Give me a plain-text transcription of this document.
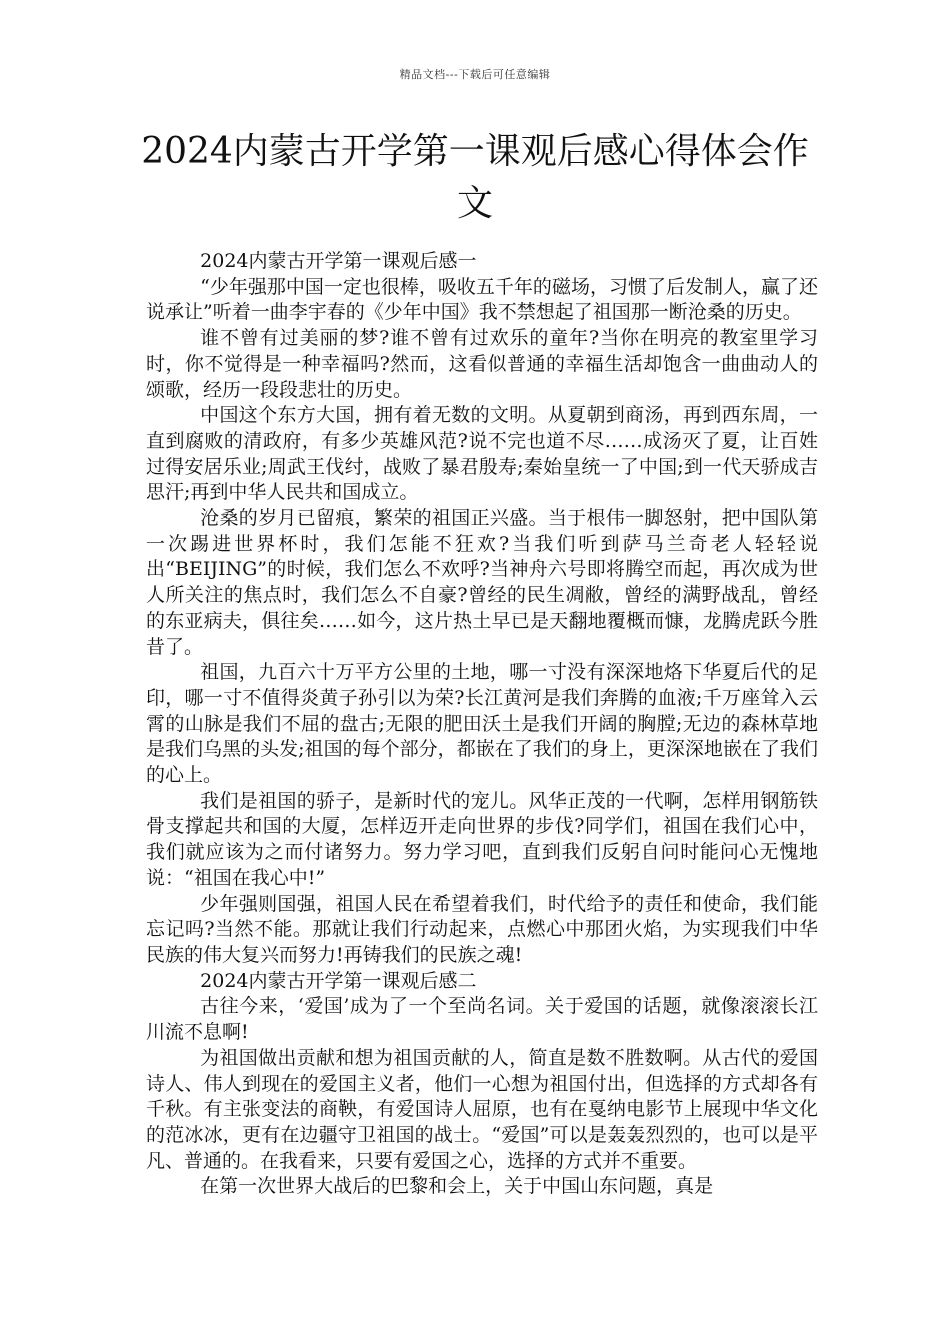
精品文档---下载后可任意编辑
2024内蒙古开学第一课观后感心得体会作文

2024内蒙古开学第一课观后感一

“少年强那中国一定也很棒，吸收五千年的磁场，习惯了后发制人，赢了还说承让”听着一曲李宇春的《少年中国》我不禁想起了祖国那一断沧桑的历史。

谁不曾有过美丽的梦?谁不曾有过欢乐的童年?当你在明亮的教室里学习时，你不觉得是一种幸福吗?然而，这看似普通的幸福生活却饱含一曲曲动人的颂歌，经历一段段悲壮的历史。

中国这个东方大国，拥有着无数的文明。从夏朝到商汤，再到西东周，一直到腐败的清政府，有多少英雄风范?说不完也道不尽……成汤灭了夏，让百姓过得安居乐业;周武王伐纣，战败了暴君殷寿;秦始皇统一了中国;到一代天骄成吉思汗;再到中华人民共和国成立。

沧桑的岁月已留痕，繁荣的祖国正兴盛。当于根伟一脚怒射，把中国队第一次踢进世界杯时，我们怎能不狂欢?当我们听到萨马兰奇老人轻轻说出“BEIJING”的时候，我们怎么不欢呼?当神舟六号即将腾空而起，再次成为世人所关注的焦点时，我们怎么不自豪?曾经的民生凋敝，曾经的满野战乱，曾经的东亚病夫，俱往矣……如今，这片热土早已是天翻地覆概而慷，龙腾虎跃今胜昔了。

祖国，九百六十万平方公里的土地，哪一寸没有深深地烙下华夏后代的足印，哪一寸不值得炎黄子孙引以为荣?长江黄河是我们奔腾的血液;千万座耸入云霄的山脉是我们不屈的盘古;无限的肥田沃土是我们开阔的胸膛;无边的森林草地是我们乌黑的头发;祖国的每个部分，都嵌在了我们的身上，更深深地嵌在了我们的心上。

我们是祖国的骄子，是新时代的宠儿。风华正茂的一代啊，怎样用钢筋铁骨支撑起共和国的大厦，怎样迈开走向世界的步伐?同学们，祖国在我们心中，我们就应该为之而付诸努力。努力学习吧，直到我们反躬自问时能问心无愧地说：“祖国在我心中!”

少年强则国强，祖国人民在希望着我们，时代给予的责任和使命，我们能忘记吗?当然不能。那就让我们行动起来，点燃心中那团火焰，为实现我们中华民族的伟大复兴而努力!再铸我们的民族之魂!

2024内蒙古开学第一课观后感二

古往今来，‘爱国’成为了一个至尚名词。关于爱国的话题，就像滚滚长江川流不息啊!

为祖国做出贡献和想为祖国贡献的人，简直是数不胜数啊。从古代的爱国诗人、伟人到现在的爱国主义者，他们一心想为祖国付出，但选择的方式却各有千秋。有主张变法的商鞅，有爱国诗人屈原，也有在戛纳电影节上展现中华文化的范冰冰，更有在边疆守卫祖国的战士。“爱国”可以是轰轰烈烈的，也可以是平凡、普通的。在我看来，只要有爱国之心，选择的方式并不重要。

在第一次世界大战后的巴黎和会上，关于中国山东问题，真是
